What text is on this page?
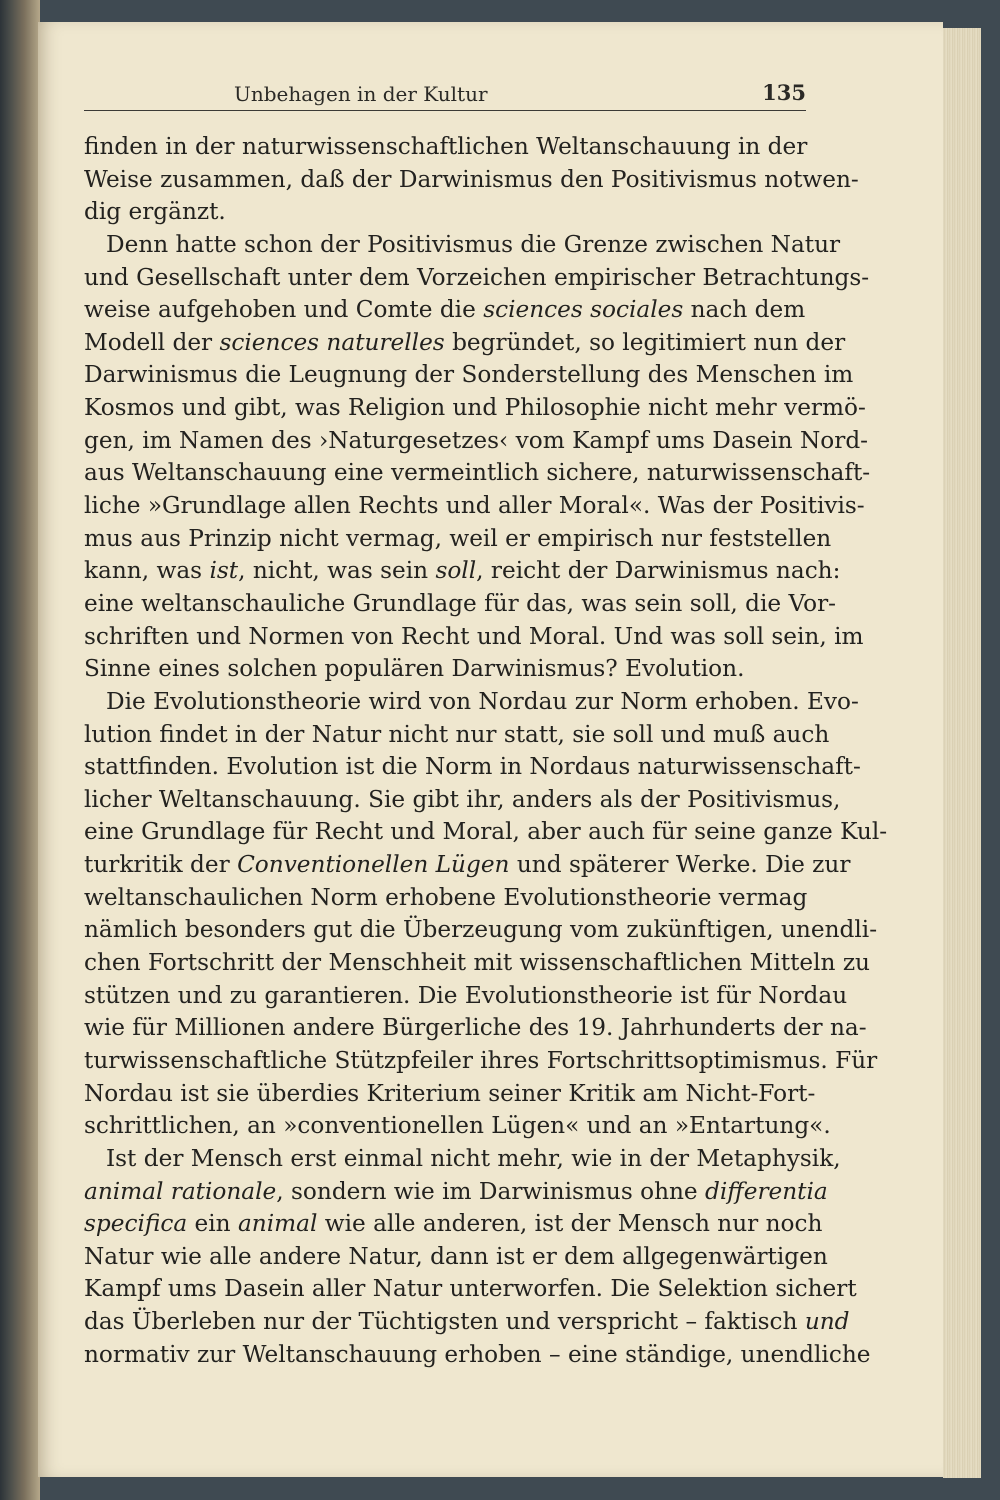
Unbehagen in der Kultur	135
finden in der naturwissenschaftlichen Weltanschauung in der
Weise zusammen, daß der Darwinismus den Positivismus notwen-
dig ergänzt.
Denn hatte schon der Positivismus die Grenze zwischen Natur
und Gesellschaft unter dem Vorzeichen empirischer Betrachtungs-
weise aufgehoben und Comte die sciences sociales nach dem
Modell der sciences naturelles begründet, so legitimiert nun der
Darwinismus die Leugnung der Sonderstellung des Menschen im
Kosmos und gibt, was Religion und Philosophie nicht mehr vermö-
gen, im Namen des ›Naturgesetzes‹ vom Kampf ums Dasein Nord-
aus Weltanschauung eine vermeintlich sichere, naturwissenschaft-
liche »Grundlage allen Rechts und aller Moral«. Was der Positivis-
mus aus Prinzip nicht vermag, weil er empirisch nur feststellen
kann, was ist, nicht, was sein soll, reicht der Darwinismus nach:
eine weltanschauliche Grundlage für das, was sein soll, die Vor-
schriften und Normen von Recht und Moral. Und was soll sein, im
Sinne eines solchen populären Darwinismus? Evolution.
Die Evolutionstheorie wird von Nordau zur Norm erhoben. Evo-
lution findet in der Natur nicht nur statt, sie soll und muß auch
stattfinden. Evolution ist die Norm in Nordaus naturwissenschaft-
licher Weltanschauung. Sie gibt ihr, anders als der Positivismus,
eine Grundlage für Recht und Moral, aber auch für seine ganze Kul-
turkritik der Conventionellen Lügen und späterer Werke. Die zur
weltanschaulichen Norm erhobene Evolutionstheorie vermag
nämlich besonders gut die Überzeugung vom zukünftigen, unendli-
chen Fortschritt der Menschheit mit wissenschaftlichen Mitteln zu
stützen und zu garantieren. Die Evolutionstheorie ist für Nordau
wie für Millionen andere Bürgerliche des 19. Jahrhunderts der na-
turwissenschaftliche Stützpfeiler ihres Fortschrittsoptimismus. Für
Nordau ist sie überdies Kriterium seiner Kritik am Nicht-Fort-
schrittlichen, an »conventionellen Lügen« und an »Entartung«.
Ist der Mensch erst einmal nicht mehr, wie in der Metaphysik,
animal rationale, sondern wie im Darwinismus ohne differentia
specifica ein animal wie alle anderen, ist der Mensch nur noch
Natur wie alle andere Natur, dann ist er dem allgegenwärtigen
Kampf ums Dasein aller Natur unterworfen. Die Selektion sichert
das Überleben nur der Tüchtigsten und verspricht – faktisch und
normativ zur Weltanschauung erhoben – eine ständige, unendliche
